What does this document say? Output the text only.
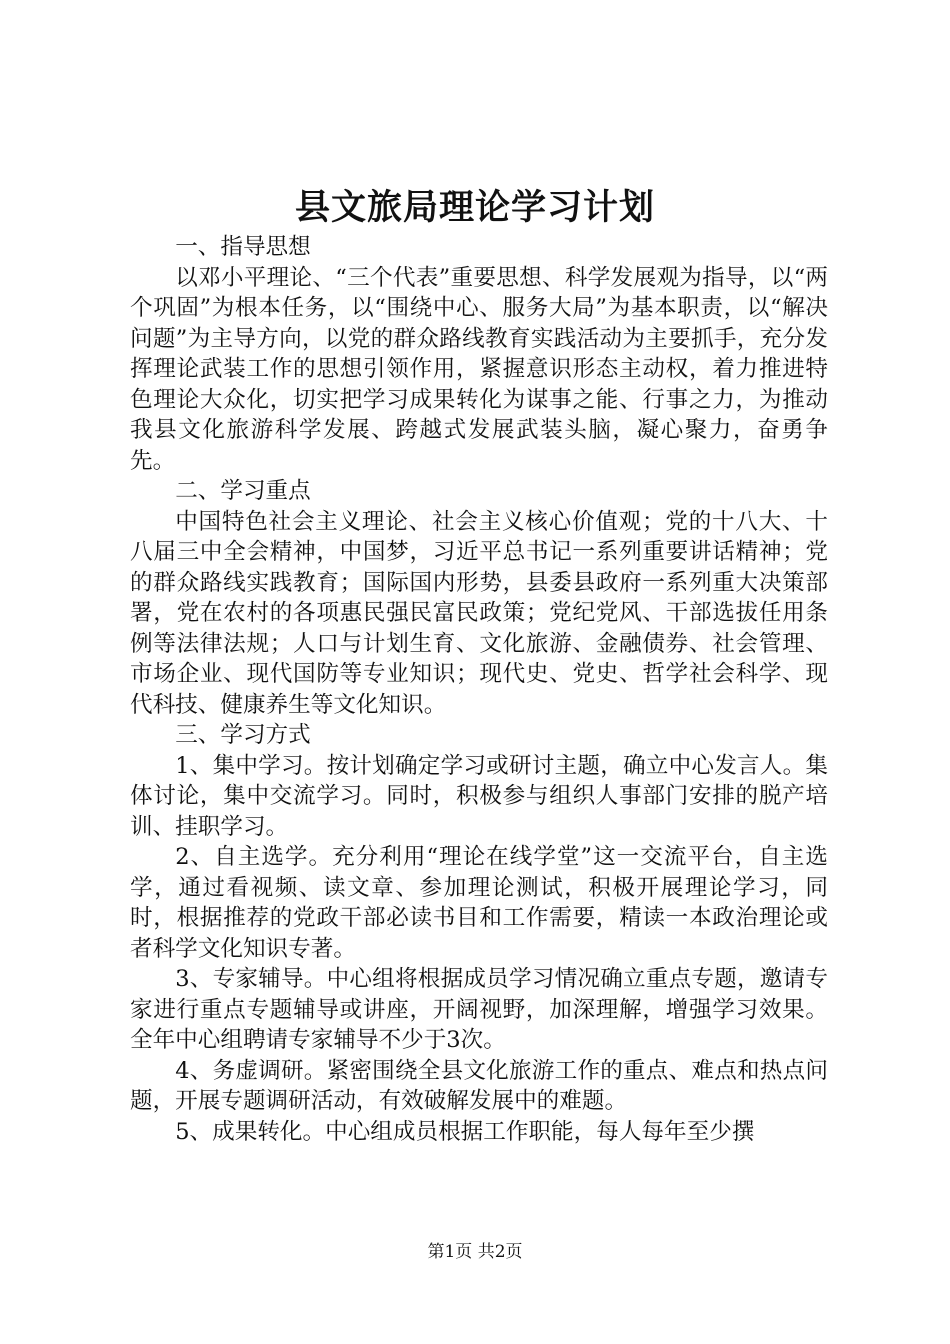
县文旅局理论学习计划

一、指导思想

以邓小平理论、“三个代表”重要思想、科学发展观为指导，以“两个巩固”为根本任务，以“围绕中心、服务大局”为基本职责，以“解决问题”为主导方向，以党的群众路线教育实践活动为主要抓手，充分发挥理论武装工作的思想引领作用，紧握意识形态主动权，着力推进特色理论大众化，切实把学习成果转化为谋事之能、行事之力，为推动我县文化旅游科学发展、跨越式发展武装头脑，凝心聚力，奋勇争先。

二、学习重点

中国特色社会主义理论、社会主义核心价值观；党的十八大、十八届三中全会精神，中国梦，习近平总书记一系列重要讲话精神；党的群众路线实践教育；国际国内形势，县委县政府一系列重大决策部署，党在农村的各项惠民强民富民政策；党纪党风、干部选拔任用条例等法律法规；人口与计划生育、文化旅游、金融债券、社会管理、市场企业、现代国防等专业知识；现代史、党史、哲学社会科学、现代科技、健康养生等文化知识。

三、学习方式

1、集中学习。按计划确定学习或研讨主题，确立中心发言人。集体讨论，集中交流学习。同时，积极参与组织人事部门安排的脱产培训、挂职学习。

2、自主选学。充分利用“理论在线学堂”这一交流平台，自主选学，通过看视频、读文章、参加理论测试，积极开展理论学习，同时，根据推荐的党政干部必读书目和工作需要，精读一本政治理论或者科学文化知识专著。

3、专家辅导。中心组将根据成员学习情况确立重点专题，邀请专家进行重点专题辅导或讲座，开阔视野，加深理解，增强学习效果。全年中心组聘请专家辅导不少于3次。

4、务虚调研。紧密围绕全县文化旅游工作的重点、难点和热点问题，开展专题调研活动，有效破解发展中的难题。

5、成果转化。中心组成员根据工作职能，每人每年至少撰

第1页 共2页
